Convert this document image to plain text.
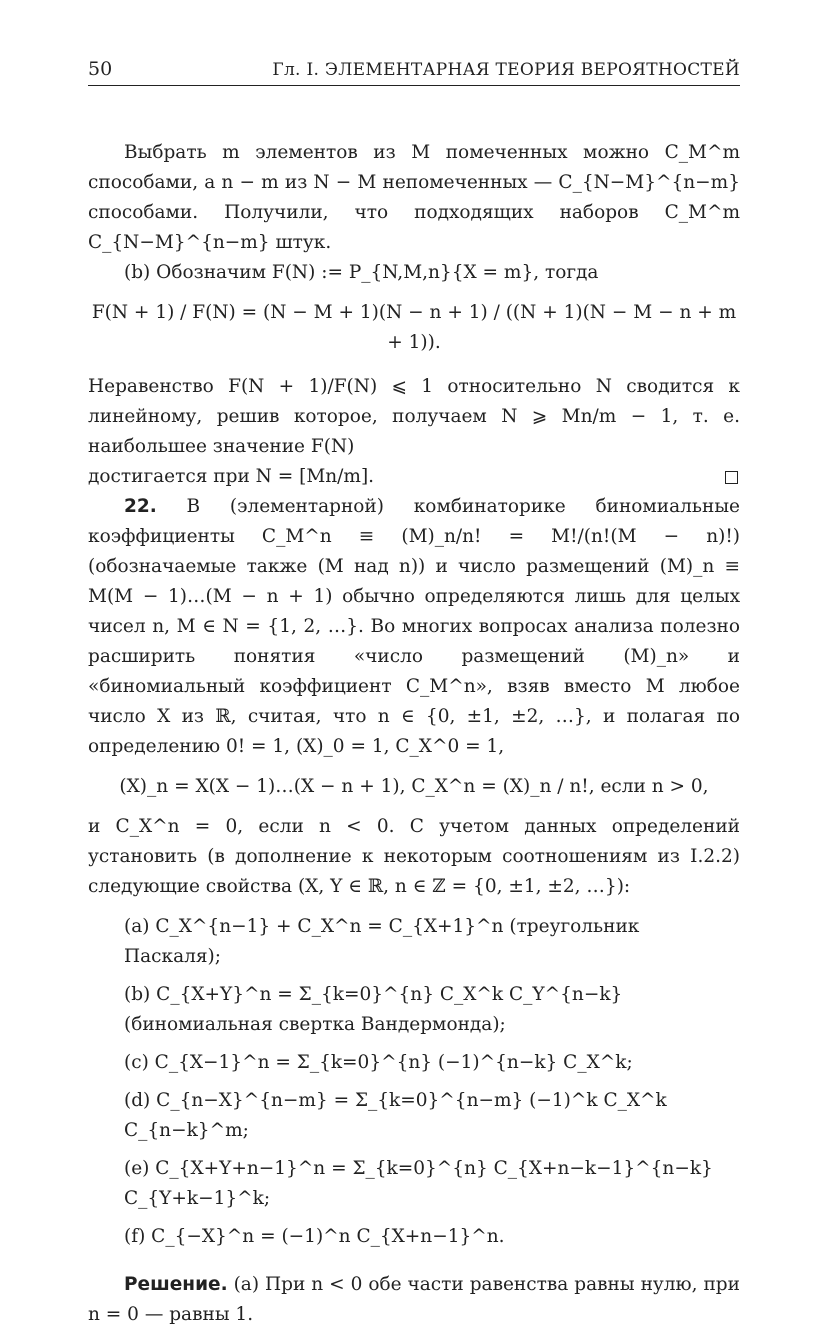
50	Гл. I. ЭЛЕМЕНТАРНАЯ ТЕОРИЯ ВЕРОЯТНОСТЕЙ
Выбрать m элементов из M помеченных можно C_M^m способами, а n − m из N − M непомеченных — C_{N−M}^{n−m} способами. Получили, что подходящих наборов C_M^m C_{N−M}^{n−m} штук.
(b) Обозначим F(N) := P_{N,M,n}{X = m}, тогда
F(N + 1) / F(N) = (N − M + 1)(N − n + 1) / ((N + 1)(N − M − n + m + 1)).
Неравенство F(N + 1)/F(N) ⩽ 1 относительно N сводится к линейному, решив которое, получаем N ⩾ Mn/m − 1, т. е. наибольшее значение F(N)
достигается при N = [Mn/m].
22. В (элементарной) комбинаторике биномиальные коэффициенты C_M^n ≡ (M)_n/n! = M!/(n!(M − n)!) (обозначаемые также (M над n)) и число размещений (M)_n ≡ M(M − 1)…(M − n + 1) обычно определяются лишь для целых чисел n, M ∈ N = {1, 2, …}. Во многих вопросах анализа полезно расширить понятия «число размещений (M)_n» и «биномиальный коэффициент C_M^n», взяв вместо M любое число X из ℝ, считая, что n ∈ {0, ±1, ±2, …}, и полагая по определению 0! = 1, (X)_0 = 1, C_X^0 = 1,
(X)_n = X(X − 1)…(X − n + 1), C_X^n = (X)_n / n!, если n > 0,
и C_X^n = 0, если n < 0. С учетом данных определений установить (в дополнение к некоторым соотношениям из I.2.2) следующие свойства (X, Y ∈ ℝ, n ∈ ℤ = {0, ±1, ±2, …}):
(a) C_X^{n−1} + C_X^n = C_{X+1}^n (треугольник Паскаля);
(b) C_{X+Y}^n = Σ_{k=0}^{n} C_X^k C_Y^{n−k} (биномиальная свертка Вандермонда);
(c) C_{X−1}^n = Σ_{k=0}^{n} (−1)^{n−k} C_X^k;
(d) C_{n−X}^{n−m} = Σ_{k=0}^{n−m} (−1)^k C_X^k C_{n−k}^m;
(e) C_{X+Y+n−1}^n = Σ_{k=0}^{n} C_{X+n−k−1}^{n−k} C_{Y+k−1}^k;
(f) C_{−X}^n = (−1)^n C_{X+n−1}^n.
Решение. (a) При n < 0 обе части равенства равны нулю, при n = 0 — равны 1.
